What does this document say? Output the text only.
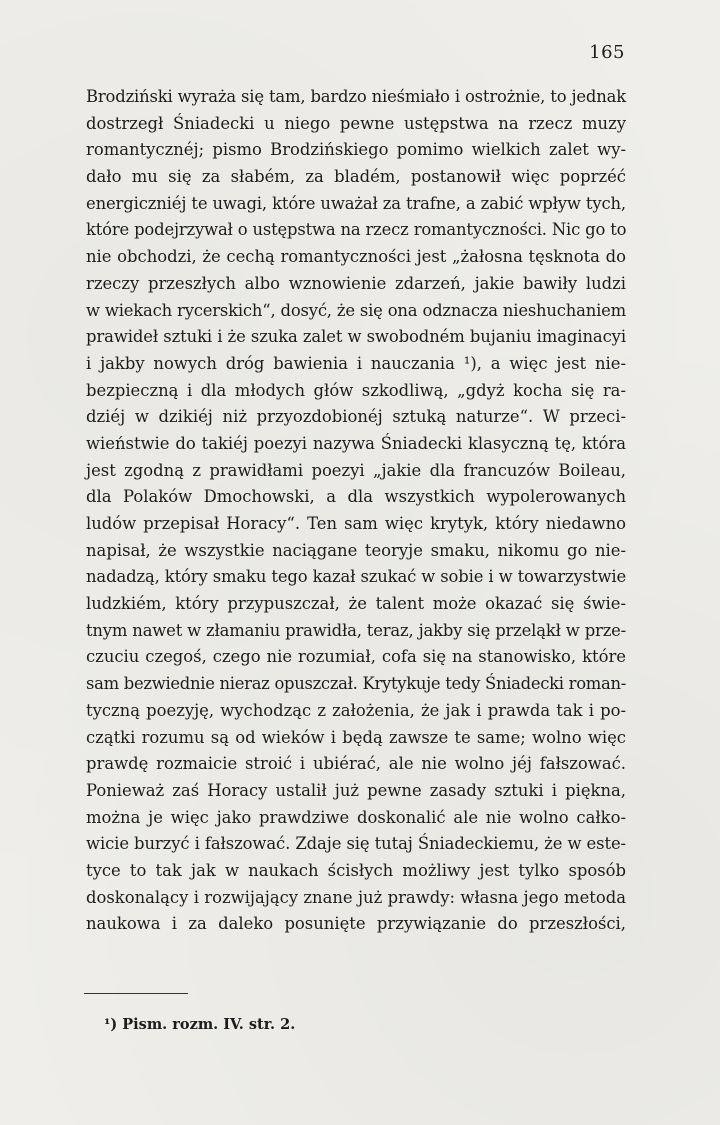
165
Brodziński wyraża się tam, bardzo nieśmiało i ostrożnie, to jednak
dostrzegł Śniadecki u niego pewne ustępstwa na rzecz muzy
romantycznéj; pismo Brodzińskiego pomimo wielkich zalet wy-
dało mu się za słabém, za bladém, postanowił więc poprzéć
energiczniéj te uwagi, które uważał za trafne, a zabić wpływ tych,
które podejrzywał o ustępstwa na rzecz romantyczności. Nic go to
nie obchodzi, że cechą romantyczności jest „żałosna tęsknota do
rzeczy przeszłych albo wznowienie zdarzeń, jakie bawiły ludzi
w wiekach rycerskich“, dosyć, że się ona odznacza nieshuchaniem
prawideł sztuki i że szuka zalet w swobodném bujaniu imaginacyi
i jakby nowych dróg bawienia i nauczania ¹), a więc jest nie-
bezpieczną i dla młodych głów szkodliwą, „gdyż kocha się ra-
dziéj w dzikiéj niż przyozdobionéj sztuką naturze“. W przeci-
wieństwie do takiéj poezyi nazywa Śniadecki klasyczną tę, która
jest zgodną z prawidłami poezyi „jakie dla francuzów Boileau,
dla Polaków Dmochowski, a dla wszystkich wypolerowanych
ludów przepisał Horacy“. Ten sam więc krytyk, który niedawno
napisał, że wszystkie naciągane teoryje smaku, nikomu go nie-
nadadzą, który smaku tego kazał szukać w sobie i w towarzystwie
ludzkiém, który przypuszczał, że talent może okazać się świe-
tnym nawet w złamaniu prawidła, teraz, jakby się przeląkł w prze-
czuciu czegoś, czego nie rozumiał, cofa się na stanowisko, które
sam bezwiednie nieraz opuszczał. Krytykuje tedy Śniadecki roman-
tyczną poezyję, wychodząc z założenia, że jak i prawda tak i po-
czątki rozumu są od wieków i będą zawsze te same; wolno więc
prawdę rozmaicie stroić i ubiérać, ale nie wolno jéj fałszować.
Ponieważ zaś Horacy ustalił już pewne zasady sztuki i piękna,
można je więc jako prawdziwe doskonalić ale nie wolno całko-
wicie burzyć i fałszować. Zdaje się tutaj Śniadeckiemu, że w este-
tyce to tak jak w naukach ścisłych możliwy jest tylko sposób
doskonalący i rozwijający znane już prawdy: własna jego metoda
naukowa i za daleko posunięte przywiązanie do przeszłości,
¹) Pism. rozm. IV. str. 2.
